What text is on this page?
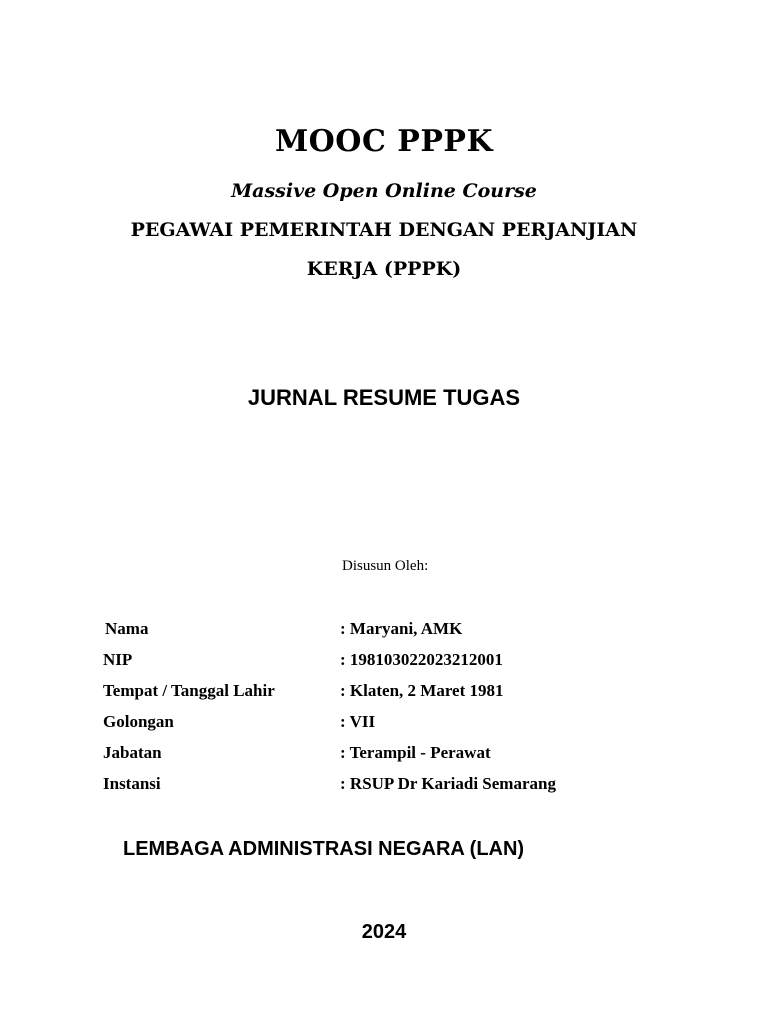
MOOC PPPK
Massive Open Online Course
PEGAWAI PEMERINTAH DENGAN PERJANJIAN
KERJA (PPPK)
JURNAL RESUME TUGAS
Disusun Oleh:
Nama	: Maryani, AMK
NIP	: 198103022023212001
Tempat / Tanggal Lahir	: Klaten, 2 Maret 1981
Golongan	: VII
Jabatan	: Terampil - Perawat
Instansi	: RSUP Dr Kariadi Semarang
LEMBAGA ADMINISTRASI NEGARA (LAN)
2024
